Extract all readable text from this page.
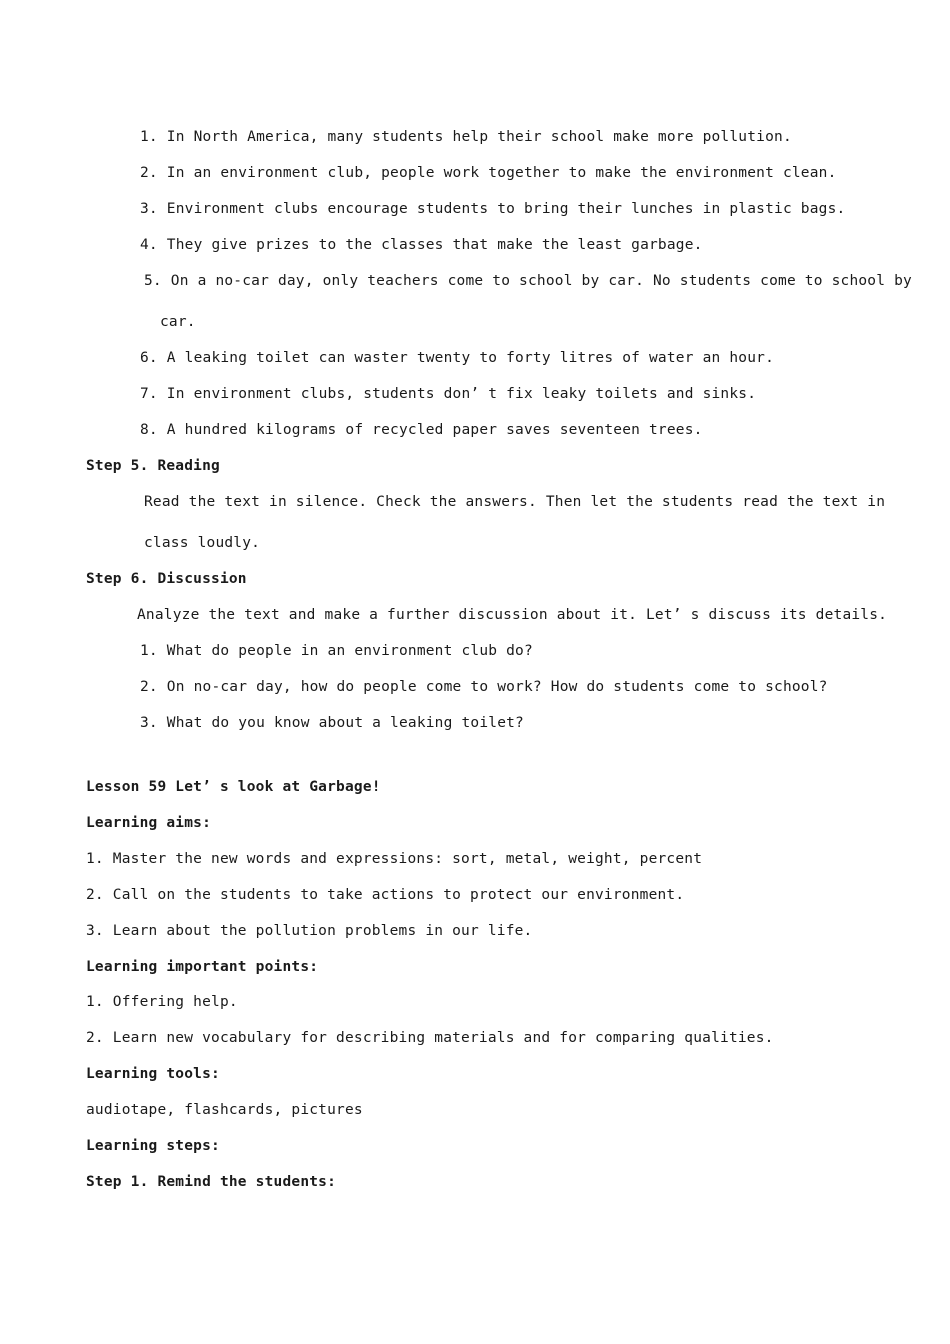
1. In North America, many students help their school make more pollution.
2. In an environment club, people work together to make the environment clean.
3. Environment clubs encourage students to bring their lunches in plastic bags.
4. They give prizes to the classes that make the least garbage.
5. On a no-car day, only teachers come to school by car. No students come to school by
car.
6. A leaking toilet can waster twenty to forty litres of water an hour.
7. In environment clubs, students don’ t fix leaky toilets and sinks.
8. A hundred kilograms of recycled paper saves seventeen trees.
Step 5. Reading
Read the text in silence. Check the answers. Then let the students read the text in
class loudly.
Step 6. Discussion
Analyze the text and make a further discussion about it. Let’ s discuss its details.
1. What do people in an environment club do?
2. On no-car day, how do people come to work? How do students come to school?
3. What do you know about a leaking toilet?
Lesson 59 Let’ s look at Garbage!
Learning aims:
1. Master the new words and expressions: sort, metal, weight, percent
2. Call on the students to take actions to protect our environment.
3. Learn about the pollution problems in our life.
Learning important points:
1. Offering help.
2. Learn new vocabulary for describing materials and for comparing qualities.
Learning tools:
audiotape, flashcards, pictures
Learning steps:
Step 1. Remind the students:
